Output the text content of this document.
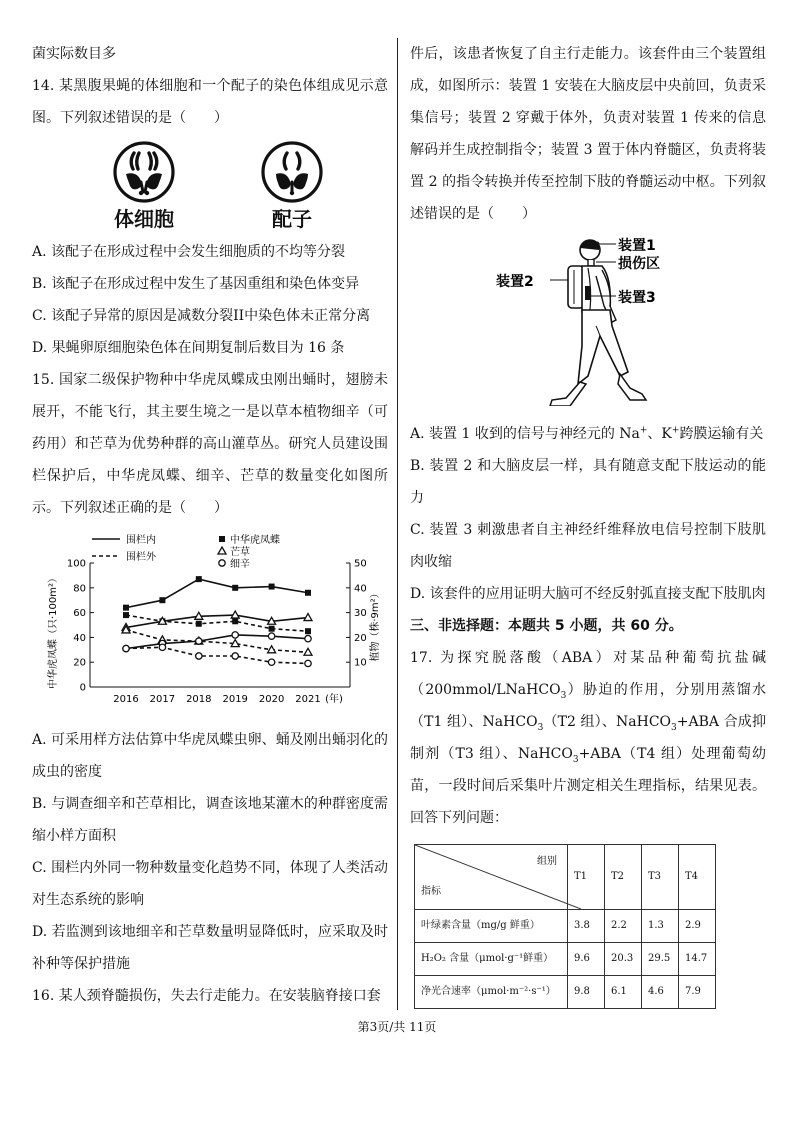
菌实际数目多

14. 某黑腹果蝇的体细胞和一个配子的染色体组成见示意图。下列叙述错误的是（　　）

体细胞	配子

A. 该配子在形成过程中会发生细胞质的不均等分裂

B. 该配子在形成过程中发生了基因重组和染色体变异

C. 该配子异常的原因是减数分裂II中染色体未正常分离

D. 果蝇卵原细胞染色体在间期复制后数目为 16 条

15. 国家二级保护物种中华虎凤蝶成虫刚出蛹时，翅膀未展开，不能飞行，其主要生境之一是以草本植物细辛（可药用）和芒草为优势种群的高山灌草丛。研究人员建设围栏保护后，中华虎凤蝶、细辛、芒草的数量变化如图所示。下列叙述正确的是（　　）

围栏内
围栏外
中华虎凤蝶
芒草
细辛
0
20
40
60
80
100
10
20
30
40
50
2016 2017 2018 2019 2020 2021 (年)
中华虎凤蝶（只·100m²）	植物（株·9m²）

A. 可采用样方法估算中华虎凤蝶虫卵、蛹及刚出蛹羽化的成虫的密度

B. 与调查细辛和芒草相比，调查该地某灌木的种群密度需缩小样方面积

C. 围栏内外同一物种数量变化趋势不同，体现了人类活动对生态系统的影响

D. 若监测到该地细辛和芒草数量明显降低时，应采取及时补种等保护措施

16. 某人颈脊髓损伤，失去行走能力。在安装脑脊接口套

件后，该患者恢复了自主行走能力。该套件由三个装置组成，如图所示：装置 1 安装在大脑皮层中央前回，负责采集信号；装置 2 穿戴于体外，负责对装置 1 传来的信息解码并生成控制指令；装置 3 置于体内脊髓区，负责将装置 2 的指令转换并传至控制下肢的脊髓运动中枢。下列叙述错误的是（　　）

装置1
损伤区
装置2
装置3

A. 装置 1 收到的信号与神经元的 Na+、K+跨膜运输有关

B. 装置 2 和大脑皮层一样，具有随意支配下肢运动的能力

C. 装置 3 刺激患者自主神经纤维释放电信号控制下肢肌肉收缩

D. 该套件的应用证明大脑可不经反射弧直接支配下肢肌肉

三、非选择题：本题共 5 小题，共 60 分。

17. 为探究脱落酸（ABA）对某品种葡萄抗盐碱（200mmol/LNaHCO$_3$）胁迫的作用，分别用蒸馏水（T1 组）、NaHCO$_3$（T2 组）、NaHCO$_3$+ABA 合成抑制剂（T3 组）、NaHCO$_3$+ABA（T4 组）处理葡萄幼苗，一段时间后采集叶片测定相关生理指标，结果见表。回答下列问题：

组别
指标	T1	T2	T3	T4
叶绿素含量（mg/g 鲜重）	3.8	2.2	1.3	2.9
H₂O₂ 含量（μmol·g⁻¹鲜重）	9.6	20.3	29.5	14.7
净光合速率（μmol·m⁻²·s⁻¹）	9.8	6.1	4.6	7.9
第3页/共 11页
